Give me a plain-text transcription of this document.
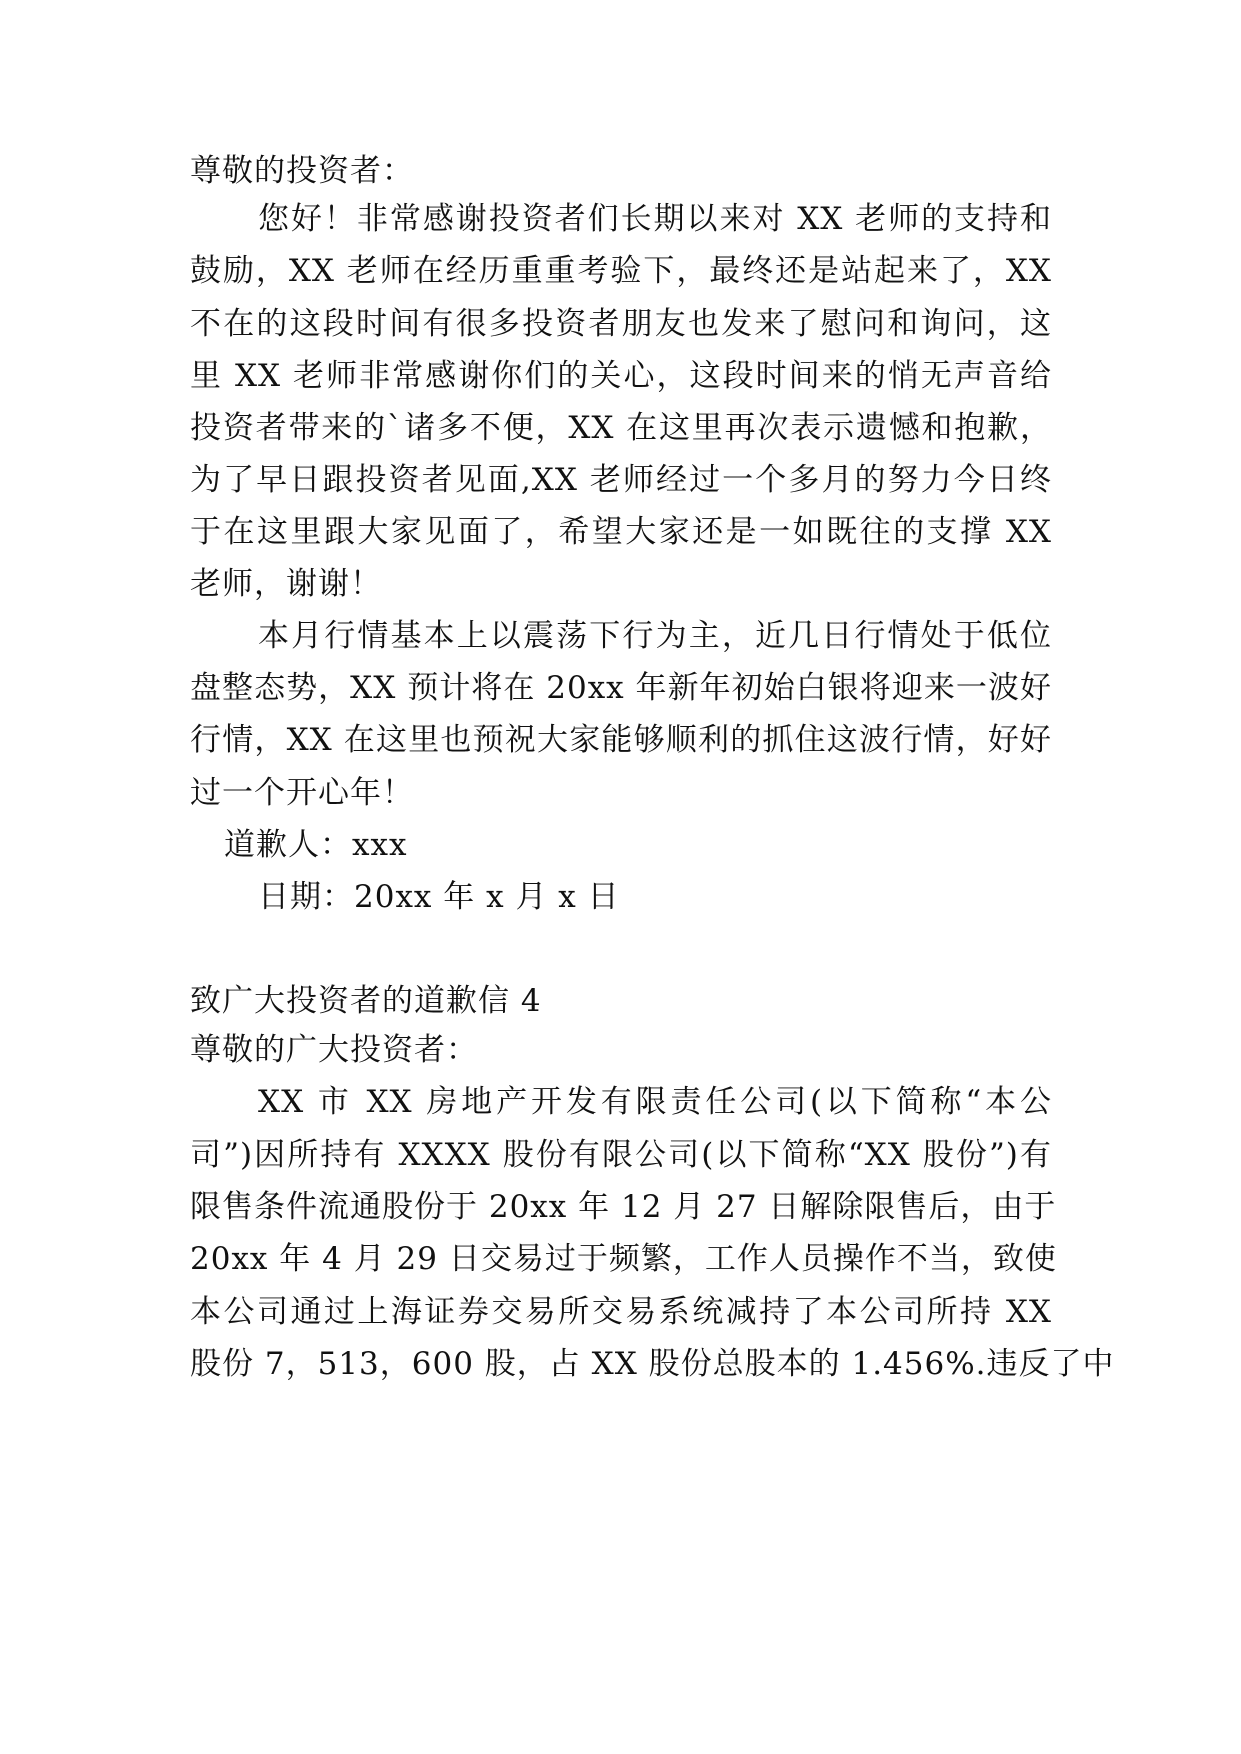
尊敬的投资者：
您好！非常感谢投资者们长期以来对 XX 老师的支持和
鼓励，XX 老师在经历重重考验下，最终还是站起来了，XX
不在的这段时间有很多投资者朋友也发来了慰问和询问，这
里 XX 老师非常感谢你们的关心，这段时间来的悄无声音给
投资者带来的`诸多不便，XX 在这里再次表示遗憾和抱歉，
为了早日跟投资者见面,XX 老师经过一个多月的努力今日终
于在这里跟大家见面了，希望大家还是一如既往的支撑 XX
老师，谢谢！
本月行情基本上以震荡下行为主，近几日行情处于低位
盘整态势，XX 预计将在 20xx 年新年初始白银将迎来一波好
行情，XX 在这里也预祝大家能够顺利的抓住这波行情，好好
过一个开心年！
道歉人：xxx
日期：20xx 年 x 月 x 日
致广大投资者的道歉信 4
尊敬的广大投资者：
XX 市 XX 房地产开发有限责任公司(以下简称“本公
司”)因所持有 XXXX 股份有限公司(以下简称“XX 股份”)有
限售条件流通股份于 20xx 年 12 月 27 日解除限售后，由于
20xx 年 4 月 29 日交易过于频繁，工作人员操作不当，致使
本公司通过上海证券交易所交易系统减持了本公司所持 XX
股份 7，513，600 股，占 XX 股份总股本的 1.456%.违反了中
